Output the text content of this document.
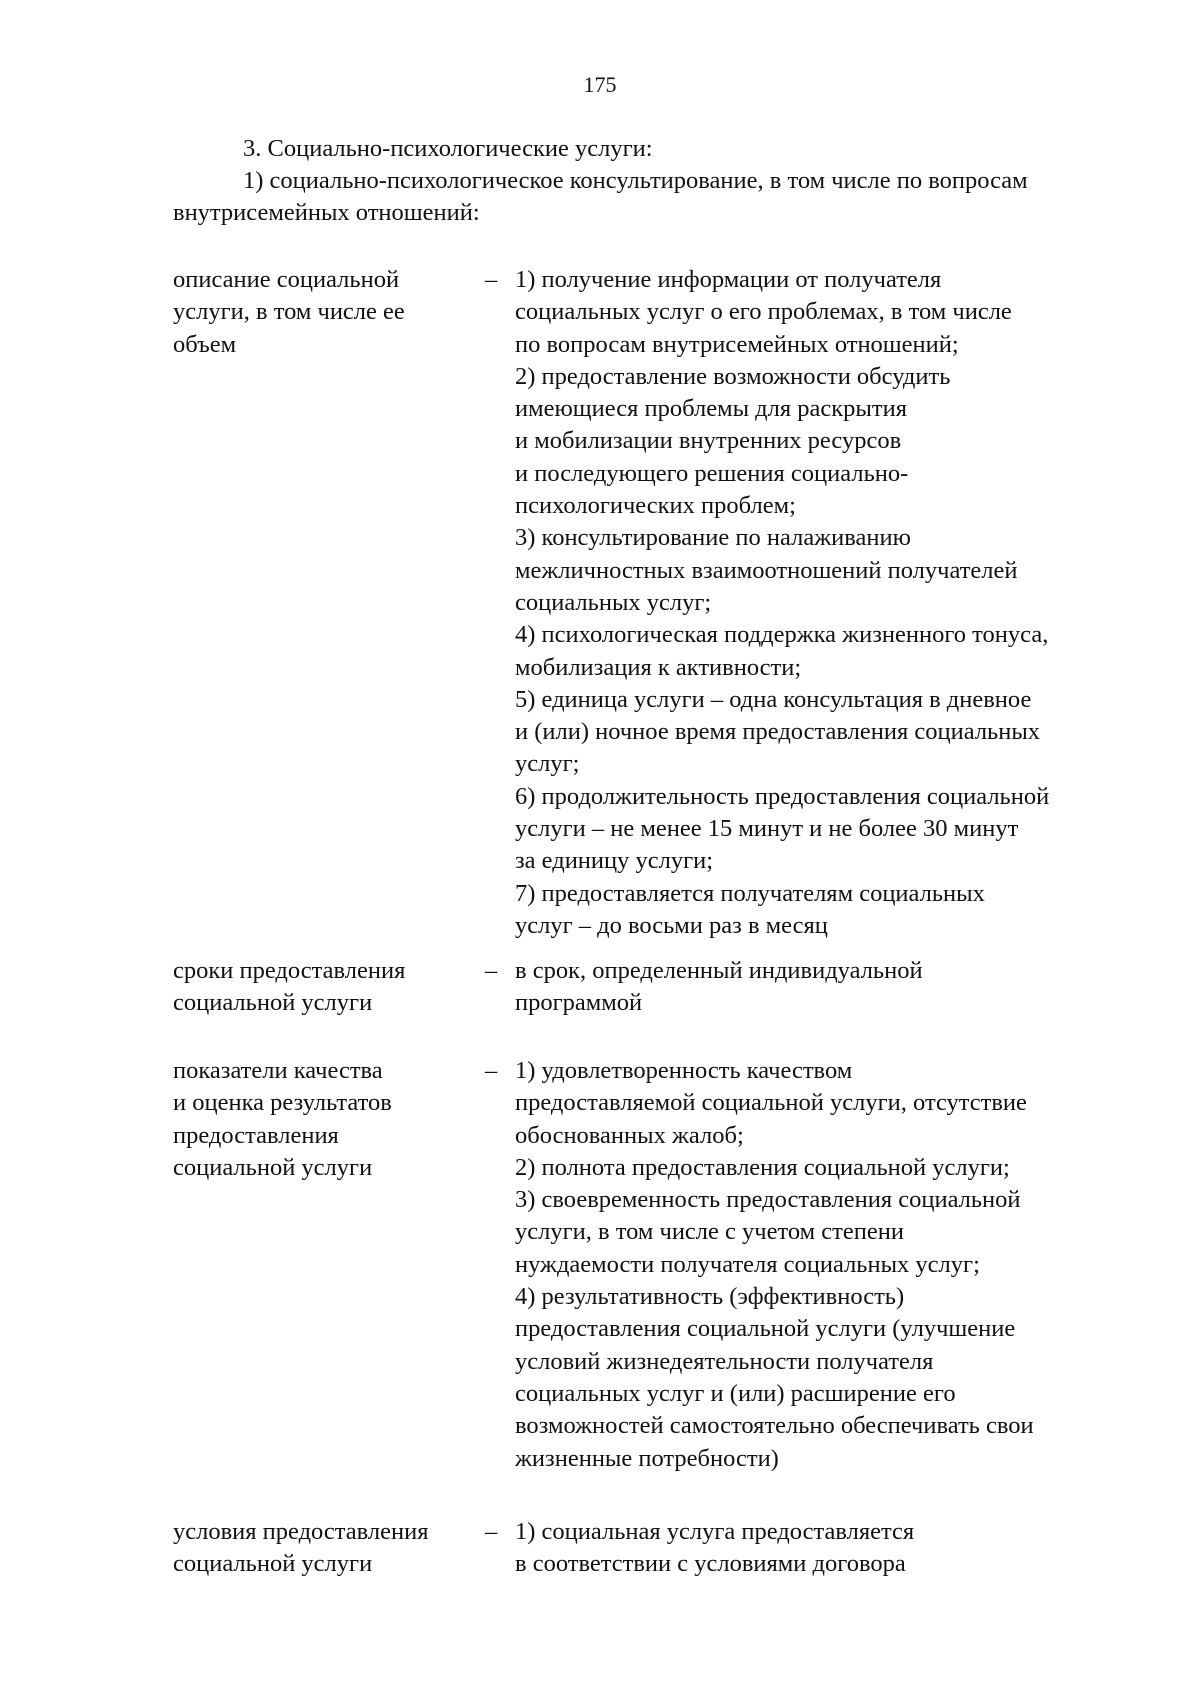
175
3. Социально-психологические услуги:
1) социально-психологическое консультирование, в том числе по вопросам
внутрисемейных отношений:
описание социальной
услуги, в том числе ее
объем
– 1) получение информации от получателя
социальных услуг о его проблемах, в том числе
по вопросам внутрисемейных отношений;
2) предоставление возможности обсудить
имеющиеся проблемы для раскрытия
и мобилизации внутренних ресурсов
и последующего решения социально-
психологических проблем;
3) консультирование по налаживанию
межличностных взаимоотношений получателей
социальных услуг;
4) психологическая поддержка жизненного тонуса,
мобилизация к активности;
5) единица услуги – одна консультация в дневное
и (или) ночное время предоставления социальных
услуг;
6) продолжительность предоставления социальной
услуги – не менее 15 минут и не более 30 минут
за единицу услуги;
7) предоставляется получателям социальных
услуг – до восьми раз в месяц
сроки предоставления
социальной услуги
– в срок, определенный индивидуальной
программой
показатели качества
и оценка результатов
предоставления
социальной услуги
– 1) удовлетворенность качеством
предоставляемой социальной услуги, отсутствие
обоснованных жалоб;
2) полнота предоставления социальной услуги;
3) своевременность предоставления социальной
услуги, в том числе с учетом степени
нуждаемости получателя социальных услуг;
4) результативность (эффективность)
предоставления социальной услуги (улучшение
условий жизнедеятельности получателя
социальных услуг и (или) расширение его
возможностей самостоятельно обеспечивать свои
жизненные потребности)
условия предоставления
социальной услуги
– 1) социальная услуга предоставляется
в соответствии с условиями договора
